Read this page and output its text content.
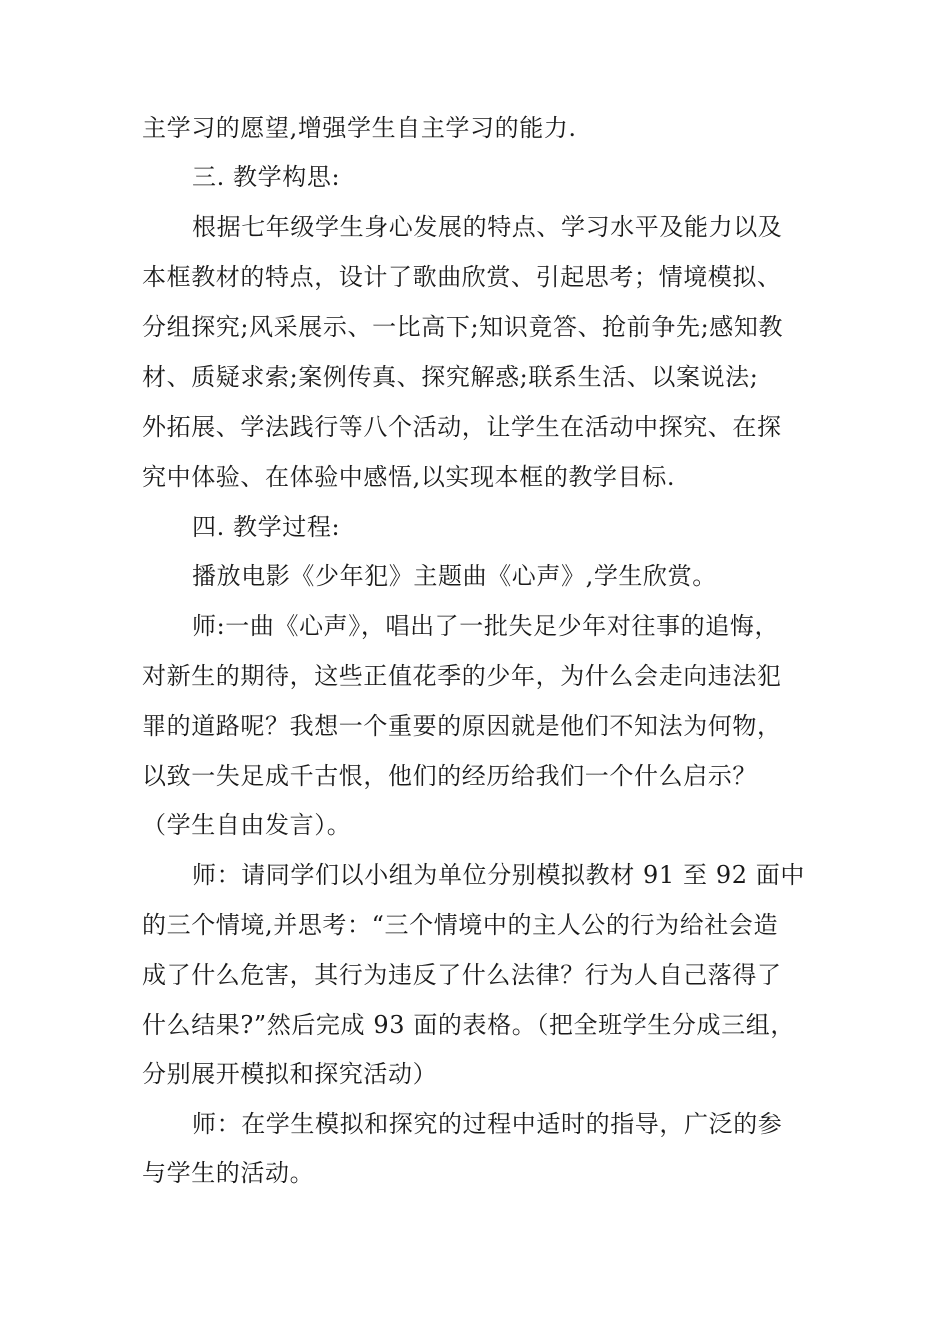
主学习的愿望,增强学生自主学习的能力.
三. 教学构思:
根据七年级学生身心发展的特点、学习水平及能力以及
本框教材的特点，设计了歌曲欣赏、引起思考；情境模拟、
分组探究;风采展示、一比高下;知识竟答、抢前争先;感知教
材、质疑求索;案例传真、探究解惑;联系生活、以案说法;
外拓展、学法践行等八个活动，让学生在活动中探究、在探
究中体验、在体验中感悟,以实现本框的教学目标.
四. 教学过程:
播放电影《少年犯》主题曲《心声》,学生欣赏。
师:一曲《心声》，唱出了一批失足少年对往事的追悔，
对新生的期待，这些正值花季的少年，为什么会走向违法犯
罪的道路呢？我想一个重要的原因就是他们不知法为何物，
以致一失足成千古恨，他们的经历给我们一个什么启示？
（学生自由发言）。
师：请同学们以小组为单位分别模拟教材 91 至 92 面中
的三个情境,并思考：“三个情境中的主人公的行为给社会造
成了什么危害，其行为违反了什么法律？行为人自己落得了
什么结果?”然后完成 93 面的表格。（把全班学生分成三组，
分别展开模拟和探究活动）
师：在学生模拟和探究的过程中适时的指导，广泛的参
与学生的活动。
